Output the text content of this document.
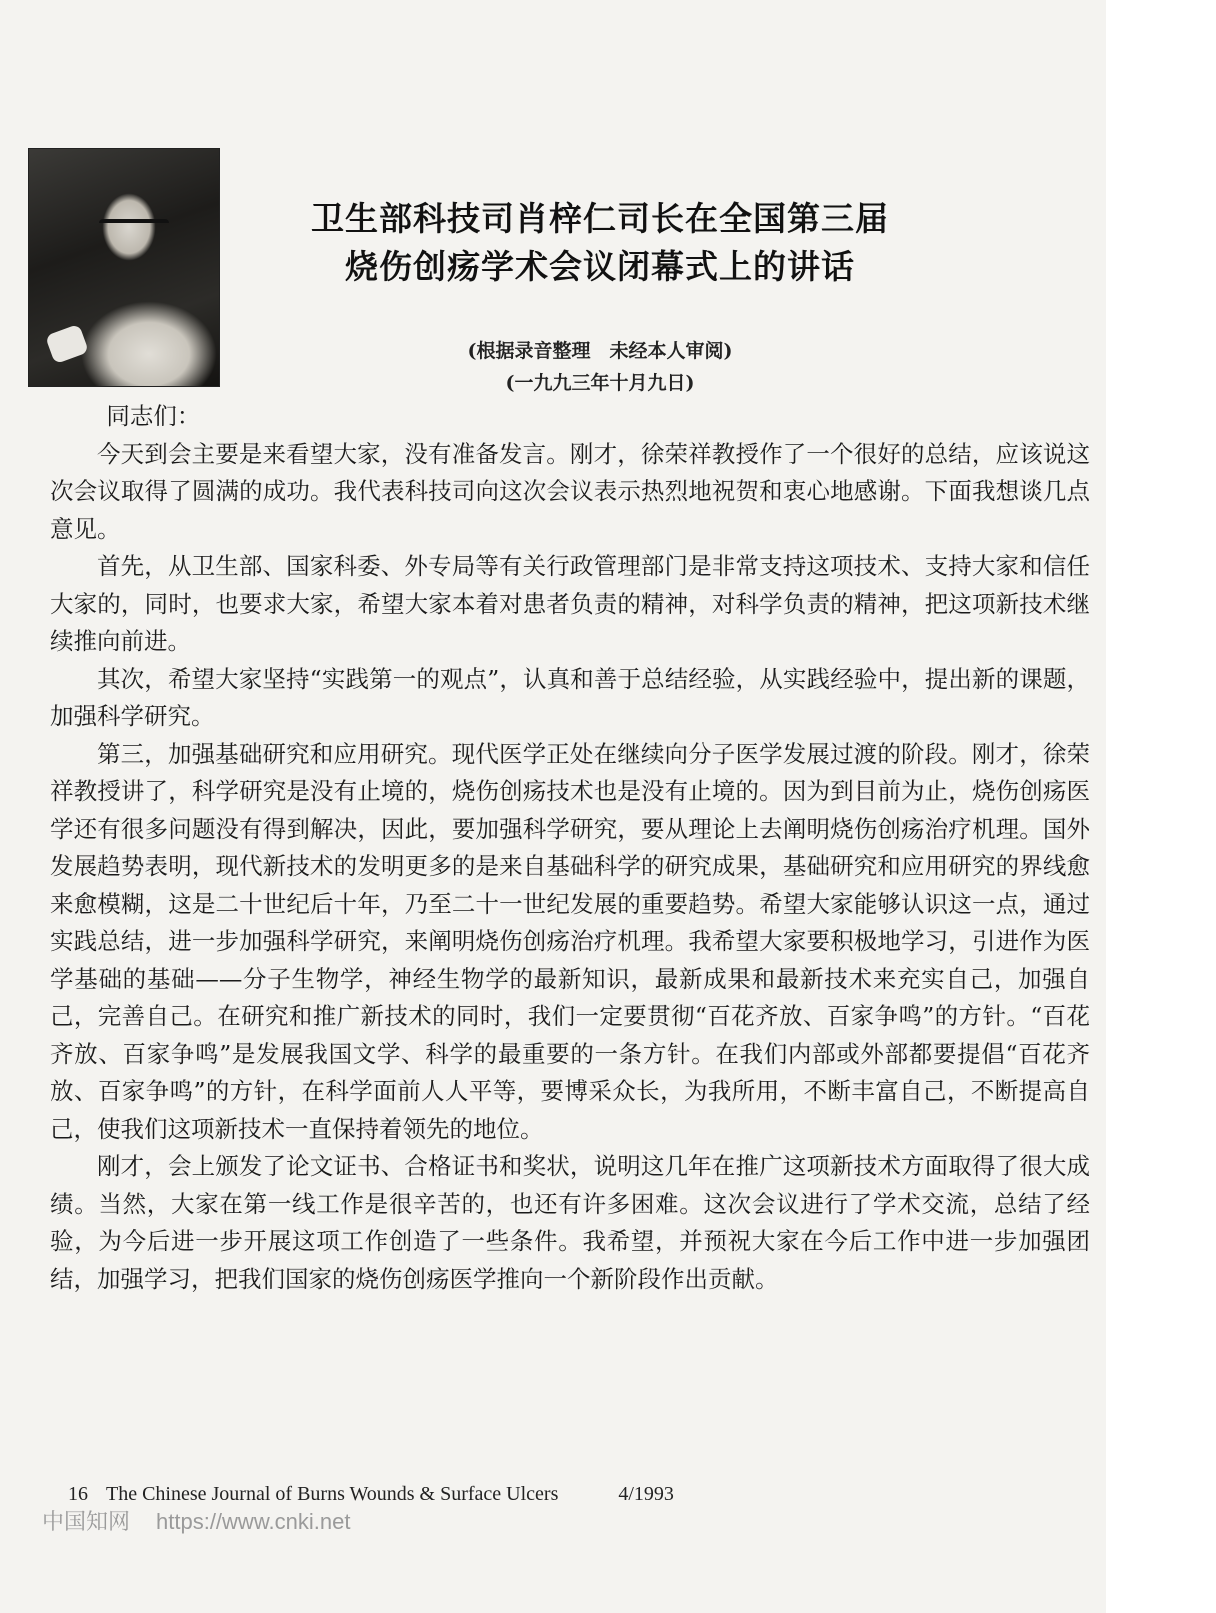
卫生部科技司肖梓仁司长在全国第三届
烧伤创疡学术会议闭幕式上的讲话
(根据录音整理　未经本人审阅)
(一九九三年十月九日)

同志们：

今天到会主要是来看望大家，没有准备发言。刚才，徐荣祥教授作了一个很好的总结，应该说这次会议取得了圆满的成功。我代表科技司向这次会议表示热烈地祝贺和衷心地感谢。下面我想谈几点意见。

首先，从卫生部、国家科委、外专局等有关行政管理部门是非常支持这项技术、支持大家和信任大家的，同时，也要求大家，希望大家本着对患者负责的精神，对科学负责的精神，把这项新技术继续推向前进。

其次，希望大家坚持“实践第一的观点”，认真和善于总结经验，从实践经验中，提出新的课题，加强科学研究。

第三，加强基础研究和应用研究。现代医学正处在继续向分子医学发展过渡的阶段。刚才，徐荣祥教授讲了，科学研究是没有止境的，烧伤创疡技术也是没有止境的。因为到目前为止，烧伤创疡医学还有很多问题没有得到解决，因此，要加强科学研究，要从理论上去阐明烧伤创疡治疗机理。国外发展趋势表明，现代新技术的发明更多的是来自基础科学的研究成果，基础研究和应用研究的界线愈来愈模糊，这是二十世纪后十年，乃至二十一世纪发展的重要趋势。希望大家能够认识这一点，通过实践总结，进一步加强科学研究，来阐明烧伤创疡治疗机理。我希望大家要积极地学习，引进作为医学基础的基础——分子生物学，神经生物学的最新知识，最新成果和最新技术来充实自己，加强自己，完善自己。在研究和推广新技术的同时，我们一定要贯彻“百花齐放、百家争鸣”的方针。“百花齐放、百家争鸣”是发展我国文学、科学的最重要的一条方针。在我们内部或外部都要提倡“百花齐放、百家争鸣”的方针，在科学面前人人平等，要博采众长，为我所用，不断丰富自己，不断提高自己，使我们这项新技术一直保持着领先的地位。

刚才，会上颁发了论文证书、合格证书和奖状，说明这几年在推广这项新技术方面取得了很大成绩。当然，大家在第一线工作是很辛苦的，也还有许多困难。这次会议进行了学术交流，总结了经验，为今后进一步开展这项工作创造了一些条件。我希望，并预祝大家在今后工作中进一步加强团结，加强学习，把我们国家的烧伤创疡医学推向一个新阶段作出贡献。

16 The Chinese Journal of Burns Wounds & Surface Ulcers	4/1993
中国知网 https://www.cnki.net
